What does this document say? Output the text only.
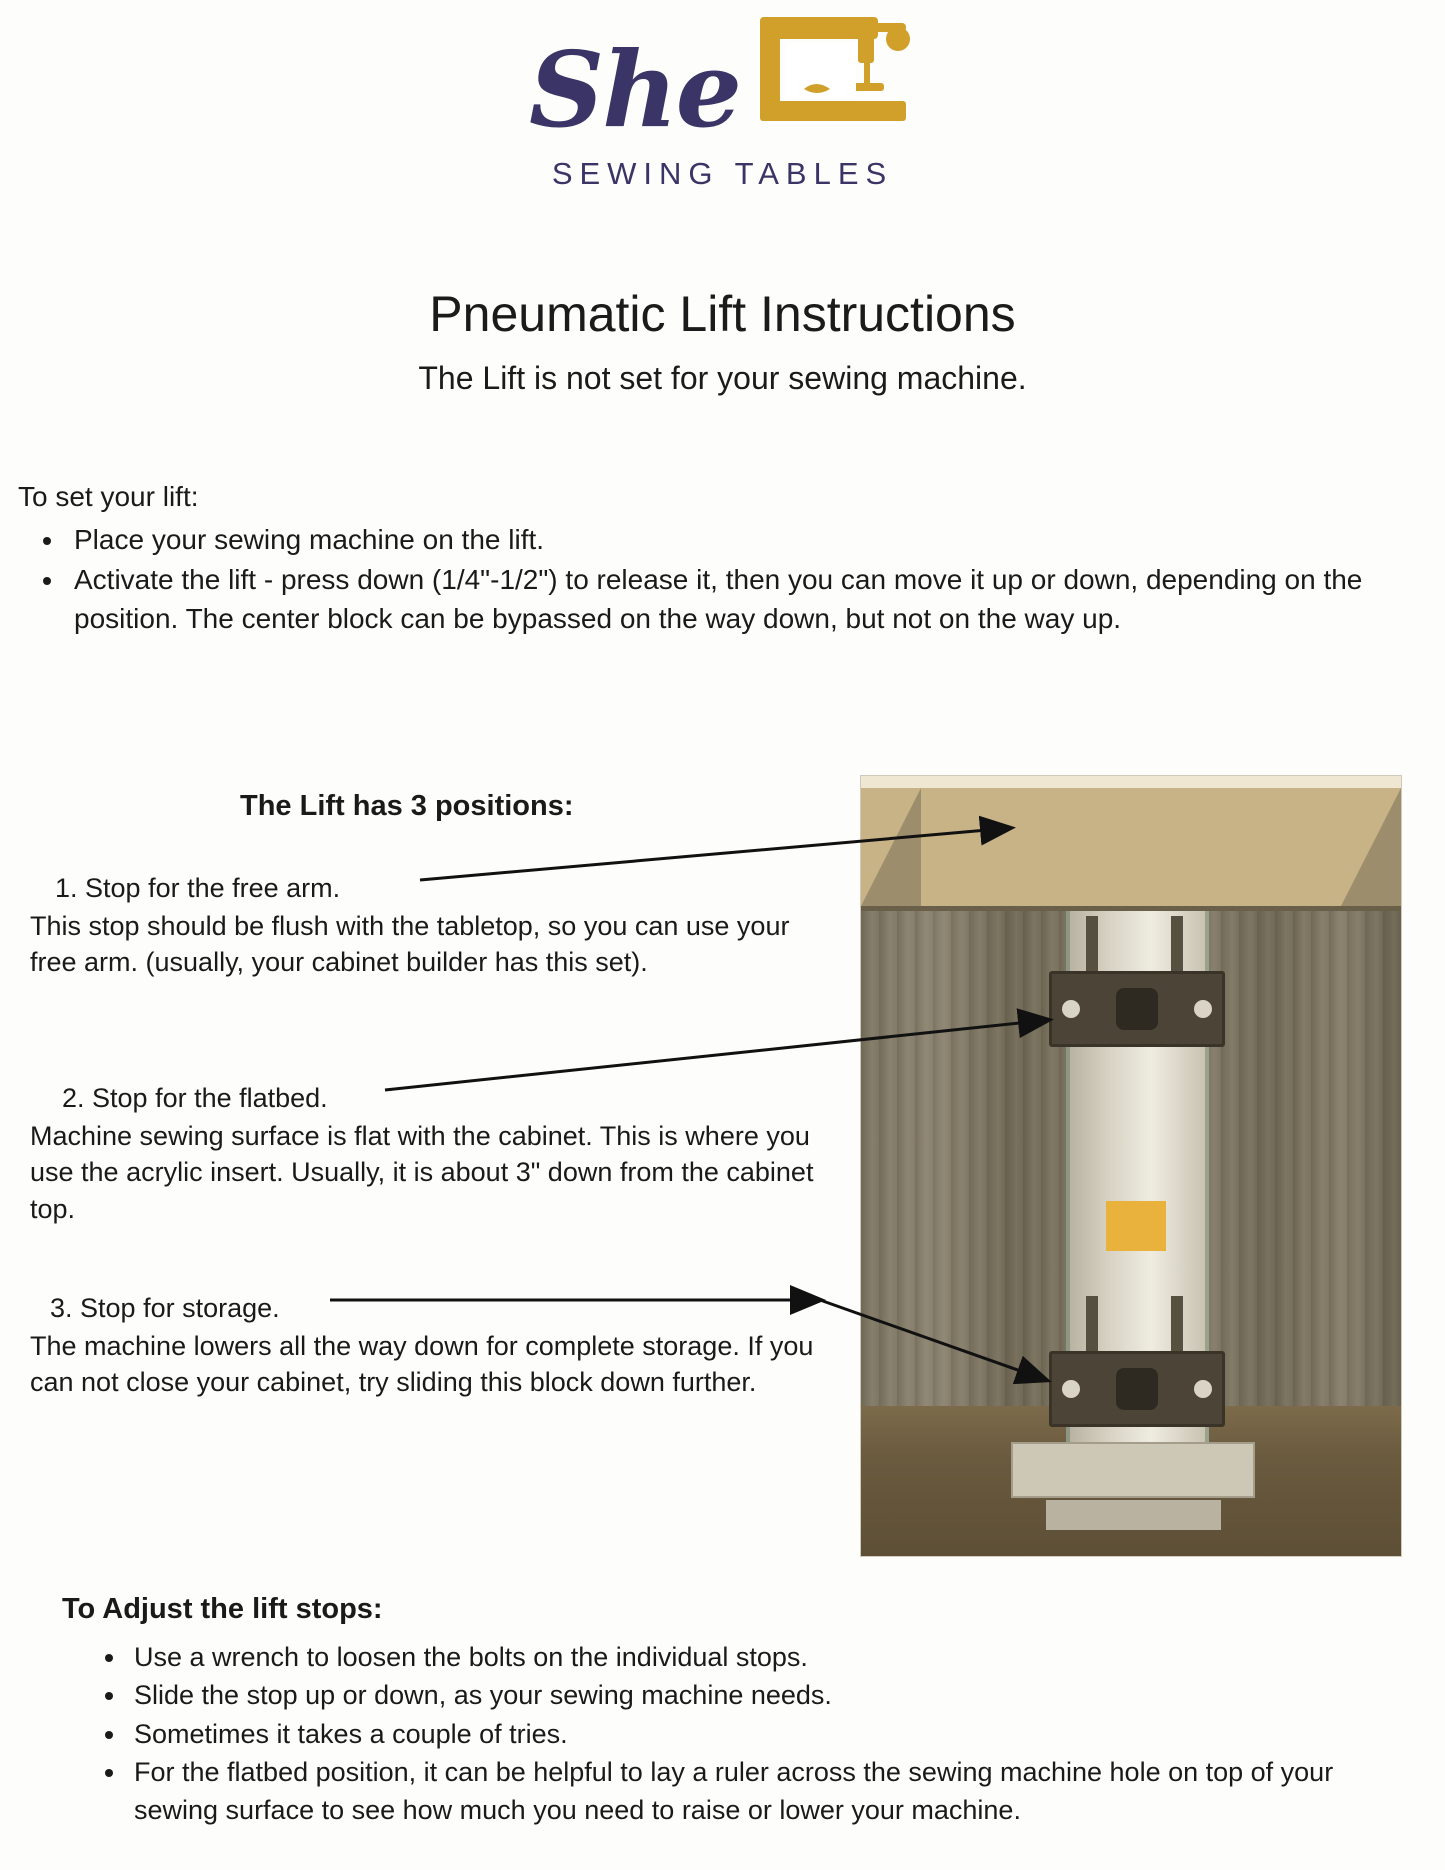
She
SEWING TABLES
Pneumatic Lift Instructions
The Lift is not set for your sewing machine.

To set your lift:

• Place your sewing machine on the lift.
• Activate the lift - press down (1/4"-1/2") to release it, then you can move it up or down, depending on the position. The center block can be bypassed on the way down, but not on the way up.
The Lift has 3 positions:
1. Stop for the free arm.
This stop should be flush with the tabletop, so you can use your free arm. (usually, your cabinet builder has this set).
2. Stop for the flatbed.
Machine sewing surface is flat with the cabinet. This is where you use the acrylic insert. Usually, it is about 3" down from the cabinet top.
3. Stop for storage.
The machine lowers all the way down for complete storage. If you can not close your cabinet, try sliding this block down further.
To Adjust the lift stops:
• Use a wrench to loosen the bolts on the individual stops.
• Slide the stop up or down, as your sewing machine needs.
• Sometimes it takes a couple of tries.
• For the flatbed position, it can be helpful to lay a ruler across the sewing machine hole on top of your sewing surface to see how much you need to raise or lower your machine.
